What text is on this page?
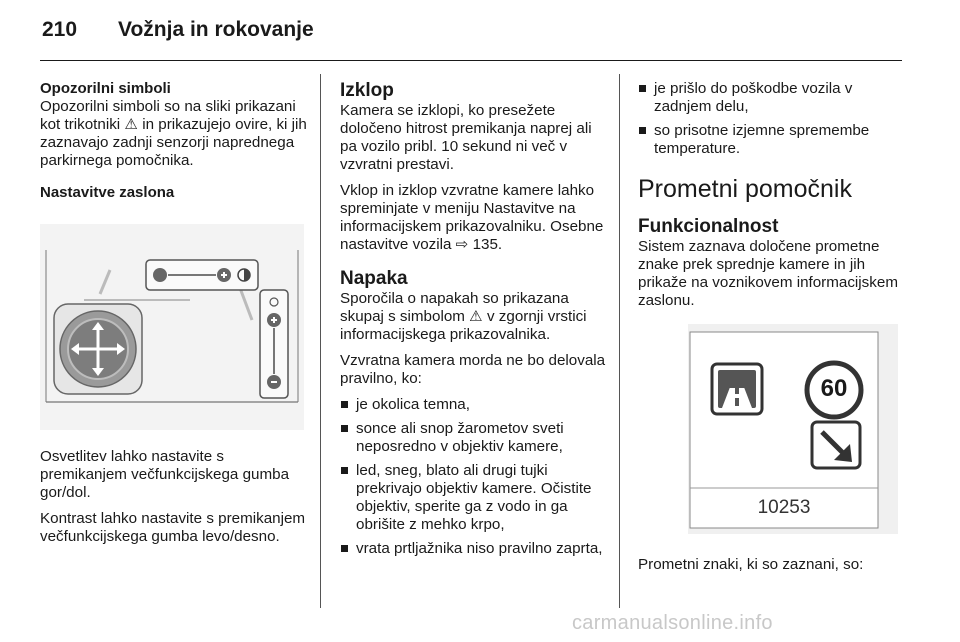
210 Vožnja in rokovanje
Opozorilni simboli

Opozorilni simboli so na sliki prikazani kot trikotniki ⚠ in prikazujejo ovire, ki jih zaznavajo zadnji senzorji naprednega parkirnega pomočnika.

Nastavitve zaslona

Osvetlitev lahko nastavite s premikanjem večfunkcijskega gumba gor/dol.

Kontrast lahko nastavite s premikanjem večfunkcijskega gumba levo/desno.

Izklop

Kamera se izklopi, ko presežete določeno hitrost premikanja naprej ali pa vozilo pribl. 10 sekund ni več v vzvratni prestavi.

Vklop in izklop vzvratne kamere lahko spreminjate v meniju Nastavitve na informacijskem prikazovalniku. Osebne nastavitve vozila ⇨ 135.

Napaka

Sporočila o napakah so prikazana skupaj s simbolom ⚠ v zgornji vrstici informacijskega prikazovalnika.

Vzvratna kamera morda ne bo delovala pravilno, ko:

je okolica temna,
sonce ali snop žarometov sveti neposredno v objektiv kamere,
led, sneg, blato ali drugi tujki prekrivajo objektiv kamere. Očistite objektiv, sperite ga z vodo in ga obrišite z mehko krpo,
vrata prtljažnika niso pravilno zaprta,
je prišlo do poškodbe vozila v zadnjem delu,
so prisotne izjemne spremembe temperature.
Prometni pomočnik
Funkcionalnost

Sistem zaznava določene prometne znake prek sprednje kamere in jih prikaže na voznikovem informacijskem zaslonu.

60
10253

Prometni znaki, ki so zaznani, so:

carmanualsonline.info
